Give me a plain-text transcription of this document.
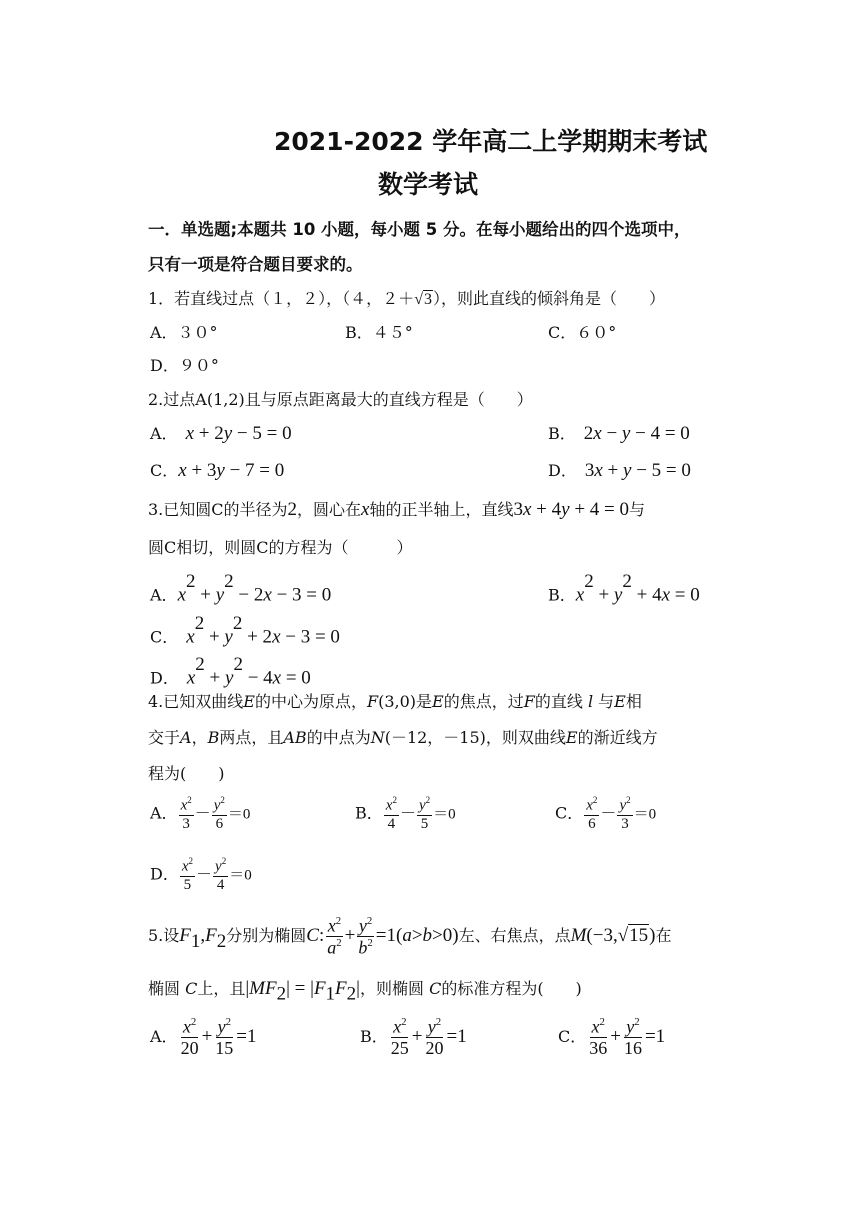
2021-2022 学年高二上学期期末考试
数学考试
一．单选题;本题共 10 小题，每小题 5 分。在每小题给出的四个选项中，
只有一项是符合题目要求的。
1．若直线过点（１，２），（４，２＋√3），则此直线的倾斜角是（　　）
A．３０°	B．４５°	C．６０°
D．９０°
2.过点A(1,2)且与原点距离最大的直线方程是（　　）
A．　x + 2y − 5 = 0	B．　2x − y − 4 = 0
C．x + 3y − 7 = 0	D．　3x + y − 5 = 0
3.已知圆C的半径为2，圆心在x轴的正半轴上，直线3x + 4y + 4 = 0与
圆C相切，则圆C的方程为（　　　）
A．$x^2 + y^2 - 2x - 3 = 0$	B．$x^2 + y^2 + 4x = 0$
C．　$x^2 + y^2 + 2x - 3 = 0$
D．　$x^2 + y^2 - 4x = 0$
4.已知双曲线E的中心为原点，F(3,0)是E的焦点，过F的直线 l 与E相
交于A，B两点，且AB的中点为N(－12，－15)，则双曲线E的渐近线方
程为(　　)
A． $\frac{x^2}{3} - \frac{y^2}{6} =0$	B． $\frac{x^2}{4} - \frac{y^2}{5} =0$	C． $\frac{x^2}{6} - \frac{y^2}{3} =0$
D． $\frac{x^2}{5} - \frac{y^2}{4} =0$
5.设$F_1,F_2$分别为椭圆C: $\frac{x^2}{a^2} + \frac{y^2}{b^2} =1(a>b>0)$左、右焦点，点M(−3,√15)在
椭圆 C上，且$|MF_2| = |F_1F_2|$，则椭圆 C的标准方程为(　　)
A． $\frac{x^2}{20} + \frac{y^2}{15} =1$	B． $\frac{x^2}{25} + \frac{y^2}{20} =1$	C． $\frac{x^2}{36} + \frac{y^2}{16} =1$
